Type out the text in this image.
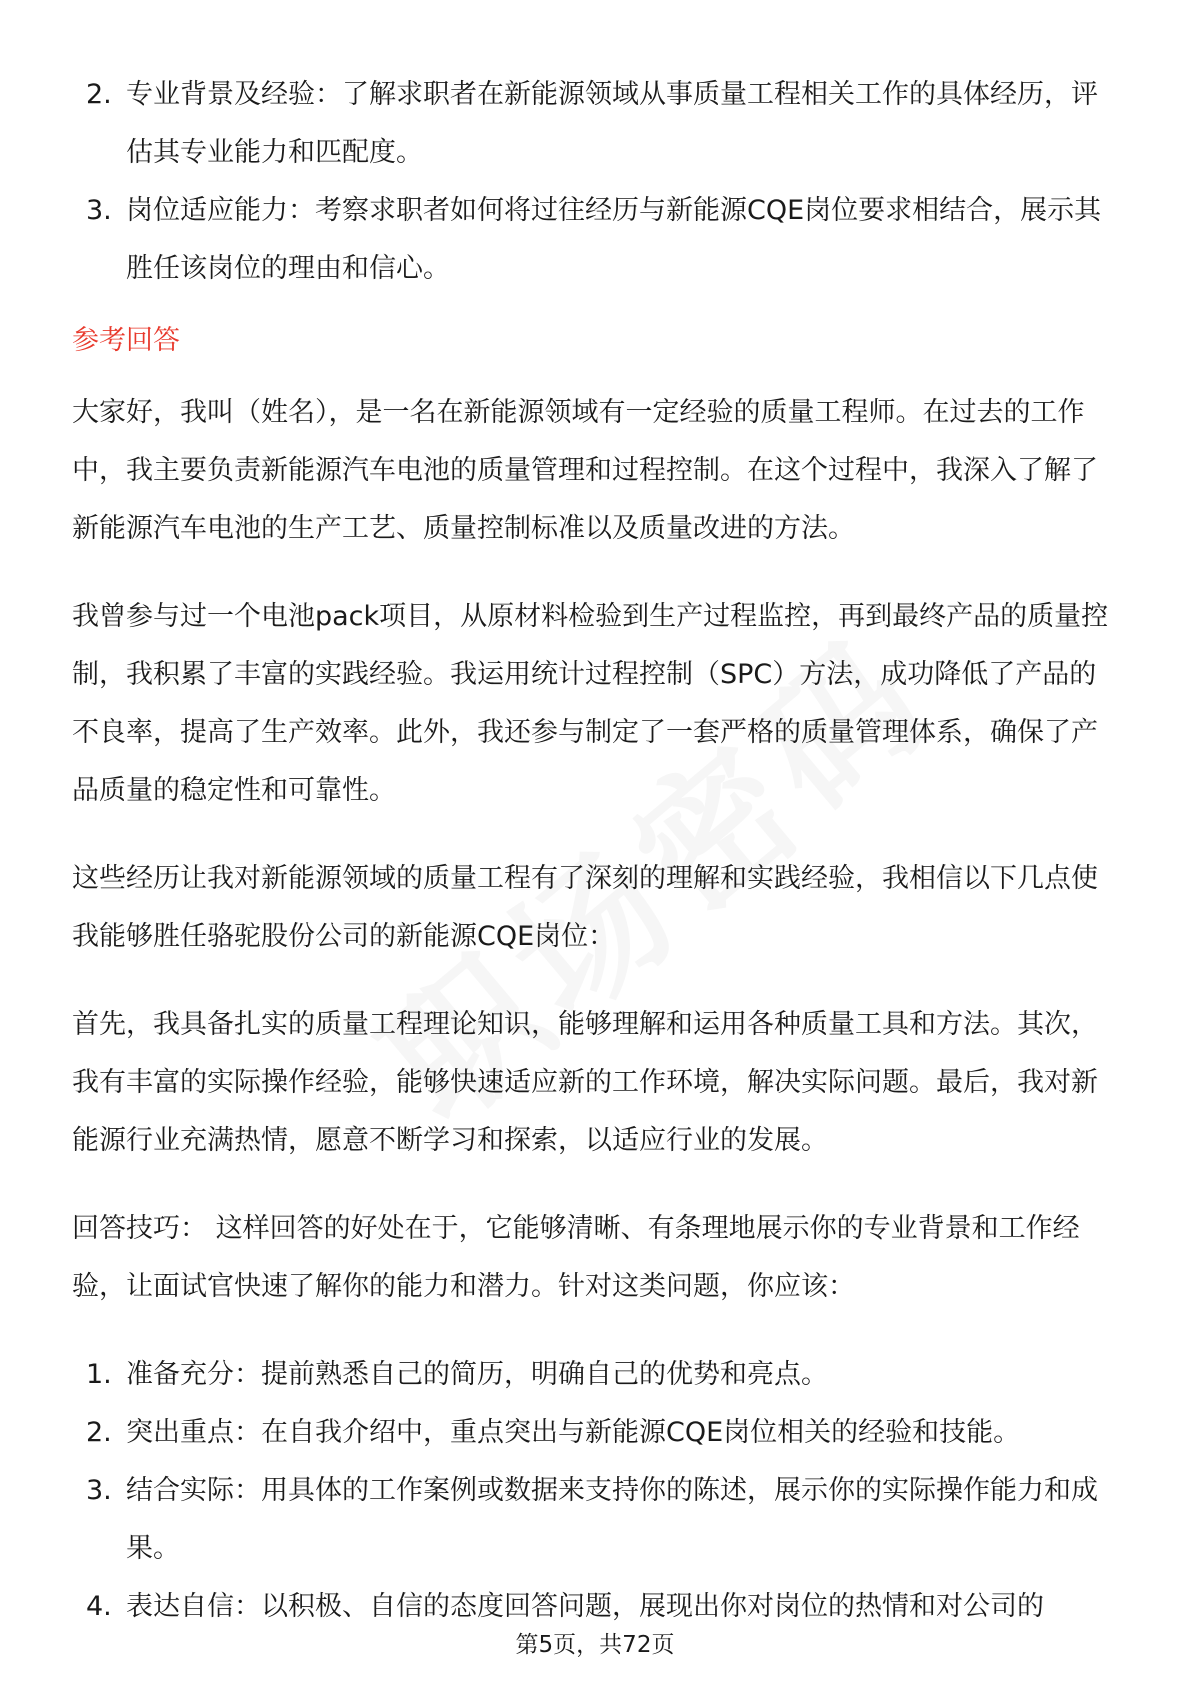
2. 专业背景及经验：了解求职者在新能源领域从事质量工程相关工作的具体经历，评估其专业能力和匹配度。
3. 岗位适应能力：考察求职者如何将过往经历与新能源CQE岗位要求相结合，展示其胜任该岗位的理由和信心。
参考回答

大家好，我叫（姓名），是一名在新能源领域有一定经验的质量工程师。在过去的工作中，我主要负责新能源汽车电池的质量管理和过程控制。在这个过程中，我深入了解了新能源汽车电池的生产工艺、质量控制标准以及质量改进的方法。

我曾参与过一个电池pack项目，从原材料检验到生产过程监控，再到最终产品的质量控制，我积累了丰富的实践经验。我运用统计过程控制（SPC）方法，成功降低了产品的不良率，提高了生产效率。此外，我还参与制定了一套严格的质量管理体系，确保了产品质量的稳定性和可靠性。

这些经历让我对新能源领域的质量工程有了深刻的理解和实践经验，我相信以下几点使我能够胜任骆驼股份公司的新能源CQE岗位：

首先，我具备扎实的质量工程理论知识，能够理解和运用各种质量工具和方法。其次，我有丰富的实际操作经验，能够快速适应新的工作环境，解决实际问题。最后，我对新能源行业充满热情，愿意不断学习和探索，以适应行业的发展。

回答技巧： 这样回答的好处在于，它能够清晰、有条理地展示你的专业背景和工作经验，让面试官快速了解你的能力和潜力。针对这类问题，你应该：

1. 准备充分：提前熟悉自己的简历，明确自己的优势和亮点。
2. 突出重点：在自我介绍中，重点突出与新能源CQE岗位相关的经验和技能。
3. 结合实际：用具体的工作案例或数据来支持你的陈述，展示你的实际操作能力和成果。
4. 表达自信：以积极、自信的态度回答问题，展现出你对岗位的热情和对公司的
第5页，共72页
